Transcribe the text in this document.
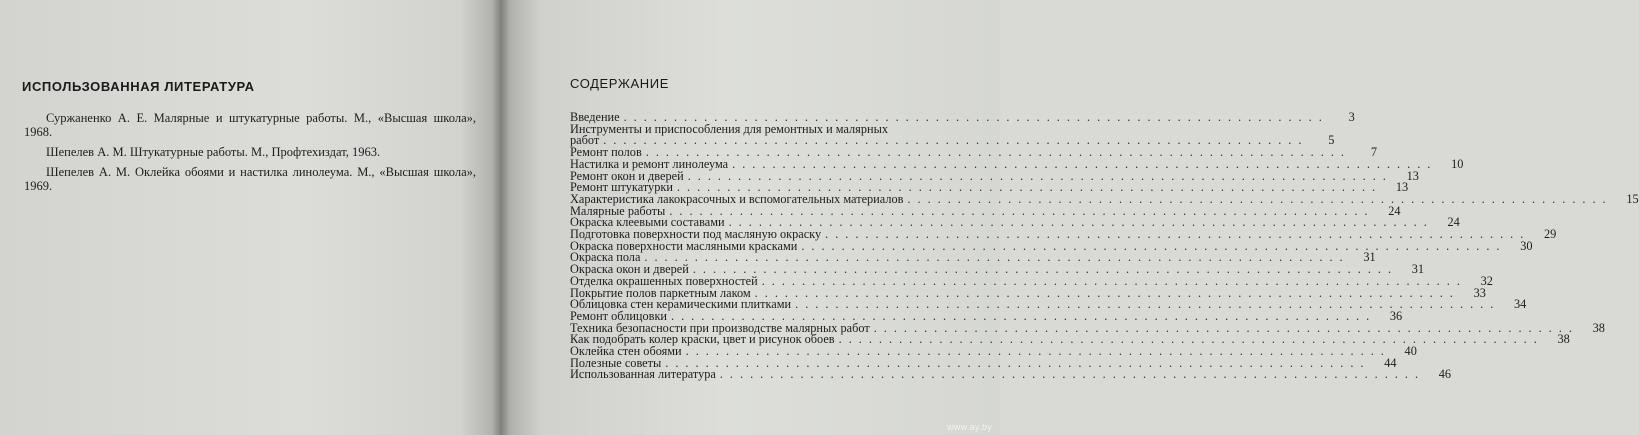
ИСПОЛЬЗОВАННАЯ ЛИТЕРАТУРА
Суржаненко А. Е. Малярные и штукатурные работы. М., «Высшая школа», 1968.
Шепелев А. М. Штукатурные работы. М., Профтехиздат, 1963.
Шепелев А. М. Оклейка обоями и настилка линолеума. М., «Высшая школа», 1969.
СОДЕРЖАНИЕ
Введение .....	3
Инструменты и приспособления для ремонтных и малярных
работ .....	5
Ремонт полов .....	7
Настилка и ремонт линолеума .....	10
Ремонт окон и дверей .....	13
Ремонт штукатурки .....	13
Характеристика лакокрасочных и вспомогательных материалов .....	15
Малярные работы .....	24
Окраска клеевыми составами .....	24
Подготовка поверхности под масляную окраску .....	29
Окраска поверхности масляными красками .....	30
Окраска пола .....	31
Окраска окон и дверей .....	31
Отделка окрашенных поверхностей .....	32
Покрытие полов паркетным лаком .....	33
Облицовка стен керамическими плитками .....	34
Ремонт облицовки .....	36
Техника безопасности при производстве малярных работ .....	38
Как подобрать колер краски, цвет и рисунок обоев .....	38
Оклейка стен обоями .....	40
Полезные советы .....	44
Использованная литература .....	46
www.ay.by
